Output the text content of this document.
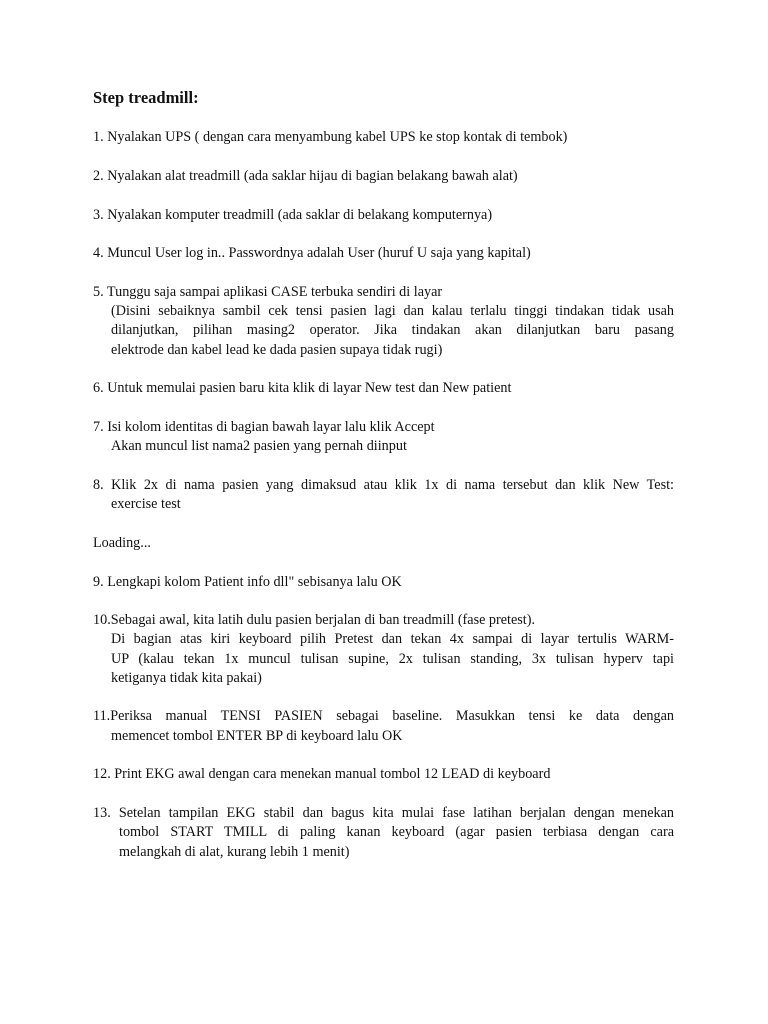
Step treadmill:

1. Nyalakan UPS ( dengan cara menyambung kabel UPS ke stop kontak di tembok)

2. Nyalakan alat treadmill (ada saklar hijau di bagian belakang bawah alat)

3. Nyalakan komputer treadmill (ada saklar di belakang komputernya)

4. Muncul User log in.. Passwordnya adalah User (huruf U saja yang kapital)

5. Tunggu saja sampai aplikasi CASE terbuka sendiri di layar

(Disini sebaiknya sambil cek tensi pasien lagi dan kalau terlalu tinggi tindakan tidak usah

dilanjutkan, pilihan masing2 operator. Jika tindakan akan dilanjutkan baru pasang

elektrode dan kabel lead ke dada pasien supaya tidak rugi)

6. Untuk memulai pasien baru kita klik di layar New test dan New patient

7. Isi kolom identitas di bagian bawah layar lalu klik Accept

Akan muncul list nama2 pasien yang pernah diinput

8. Klik 2x di nama pasien yang dimaksud atau klik 1x di nama tersebut dan klik New Test:

exercise test

Loading...

9. Lengkapi kolom Patient info dll" sebisanya lalu OK

10.Sebagai awal, kita latih dulu pasien berjalan di ban treadmill (fase pretest).

Di bagian atas kiri keyboard pilih Pretest dan tekan 4x sampai di layar tertulis WARM-

UP (kalau tekan 1x muncul tulisan supine, 2x tulisan standing, 3x tulisan hyperv tapi

ketiganya tidak kita pakai)

11.Periksa manual TENSI PASIEN sebagai baseline. Masukkan tensi ke data dengan

memencet tombol ENTER BP di keyboard lalu OK

12. Print EKG awal dengan cara menekan manual tombol 12 LEAD di keyboard

13. Setelan tampilan EKG stabil dan bagus kita mulai fase latihan berjalan dengan menekan

tombol START TMILL di paling kanan keyboard (agar pasien terbiasa dengan cara

melangkah di alat, kurang lebih 1 menit)
